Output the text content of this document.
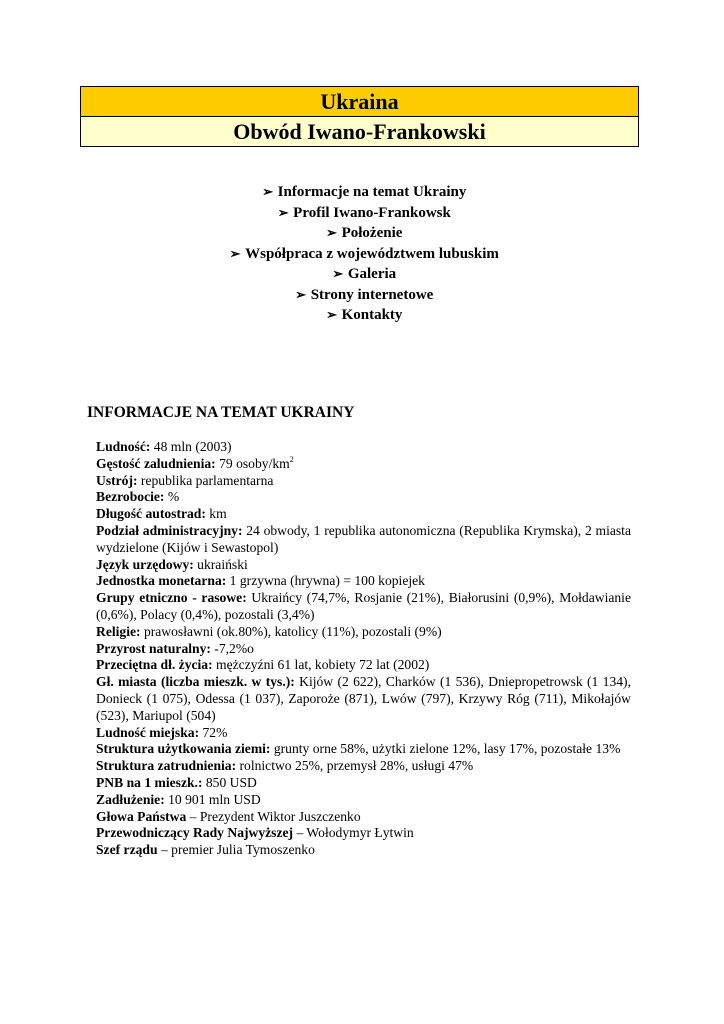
Ukraina
Obwód Iwano-Frankowski
➢ Informacje na temat Ukrainy
➢ Profil Iwano-Frankowsk
➢ Położenie
➢ Współpraca z województwem lubuskim
➢ Galeria
➢ Strony internetowe
➢ Kontakty
INFORMACJE NA TEMAT UKRAINY

Ludność: 48 mln (2003)

Gęstość zaludnienia: 79 osoby/$km^2$

Ustrój: republika parlamentarna

Bezrobocie: %

Długość autostrad: km

Podział administracyjny: 24 obwody, 1 republika autonomiczna (Republika Krymska), 2 miasta wydzielone (Kijów i Sewastopol)

Język urzędowy: ukraiński

Jednostka monetarna: 1 grzywna (hrywna) = 100 kopiejek

Grupy etniczno - rasowe: Ukraińcy (74,7%, Rosjanie (21%), Białorusini (0,9%), Mołdawianie (0,6%), Polacy (0,4%), pozostali (3,4%)

Religie: prawosławni (ok.80%), katolicy (11%), pozostali (9%)

Przyrost naturalny: -7,2%o

Przeciętna dł. życia: mężczyźni 61 lat, kobiety 72 lat (2002)

Gł. miasta (liczba mieszk. w tys.): Kijów (2 622), Charków (1 536), Dniepropetrowsk (1 134), Donieck (1 075), Odessa (1 037), Zaporoże (871), Lwów (797), Krzywy Róg (711), Mikołajów (523), Mariupol (504)

Ludność miejska: 72%

Struktura użytkowania ziemi: grunty orne 58%, użytki zielone 12%, lasy 17%, pozostałe 13%

Struktura zatrudnienia: rolnictwo 25%, przemysł 28%, usługi 47%

PNB na 1 mieszk.: 850 USD

Zadłużenie: 10 901 mln USD

Głowa Państwa – Prezydent Wiktor Juszczenko

Przewodniczący Rady Najwyższej – Wołodymyr Łytwin

Szef rządu – premier Julia Tymoszenko
